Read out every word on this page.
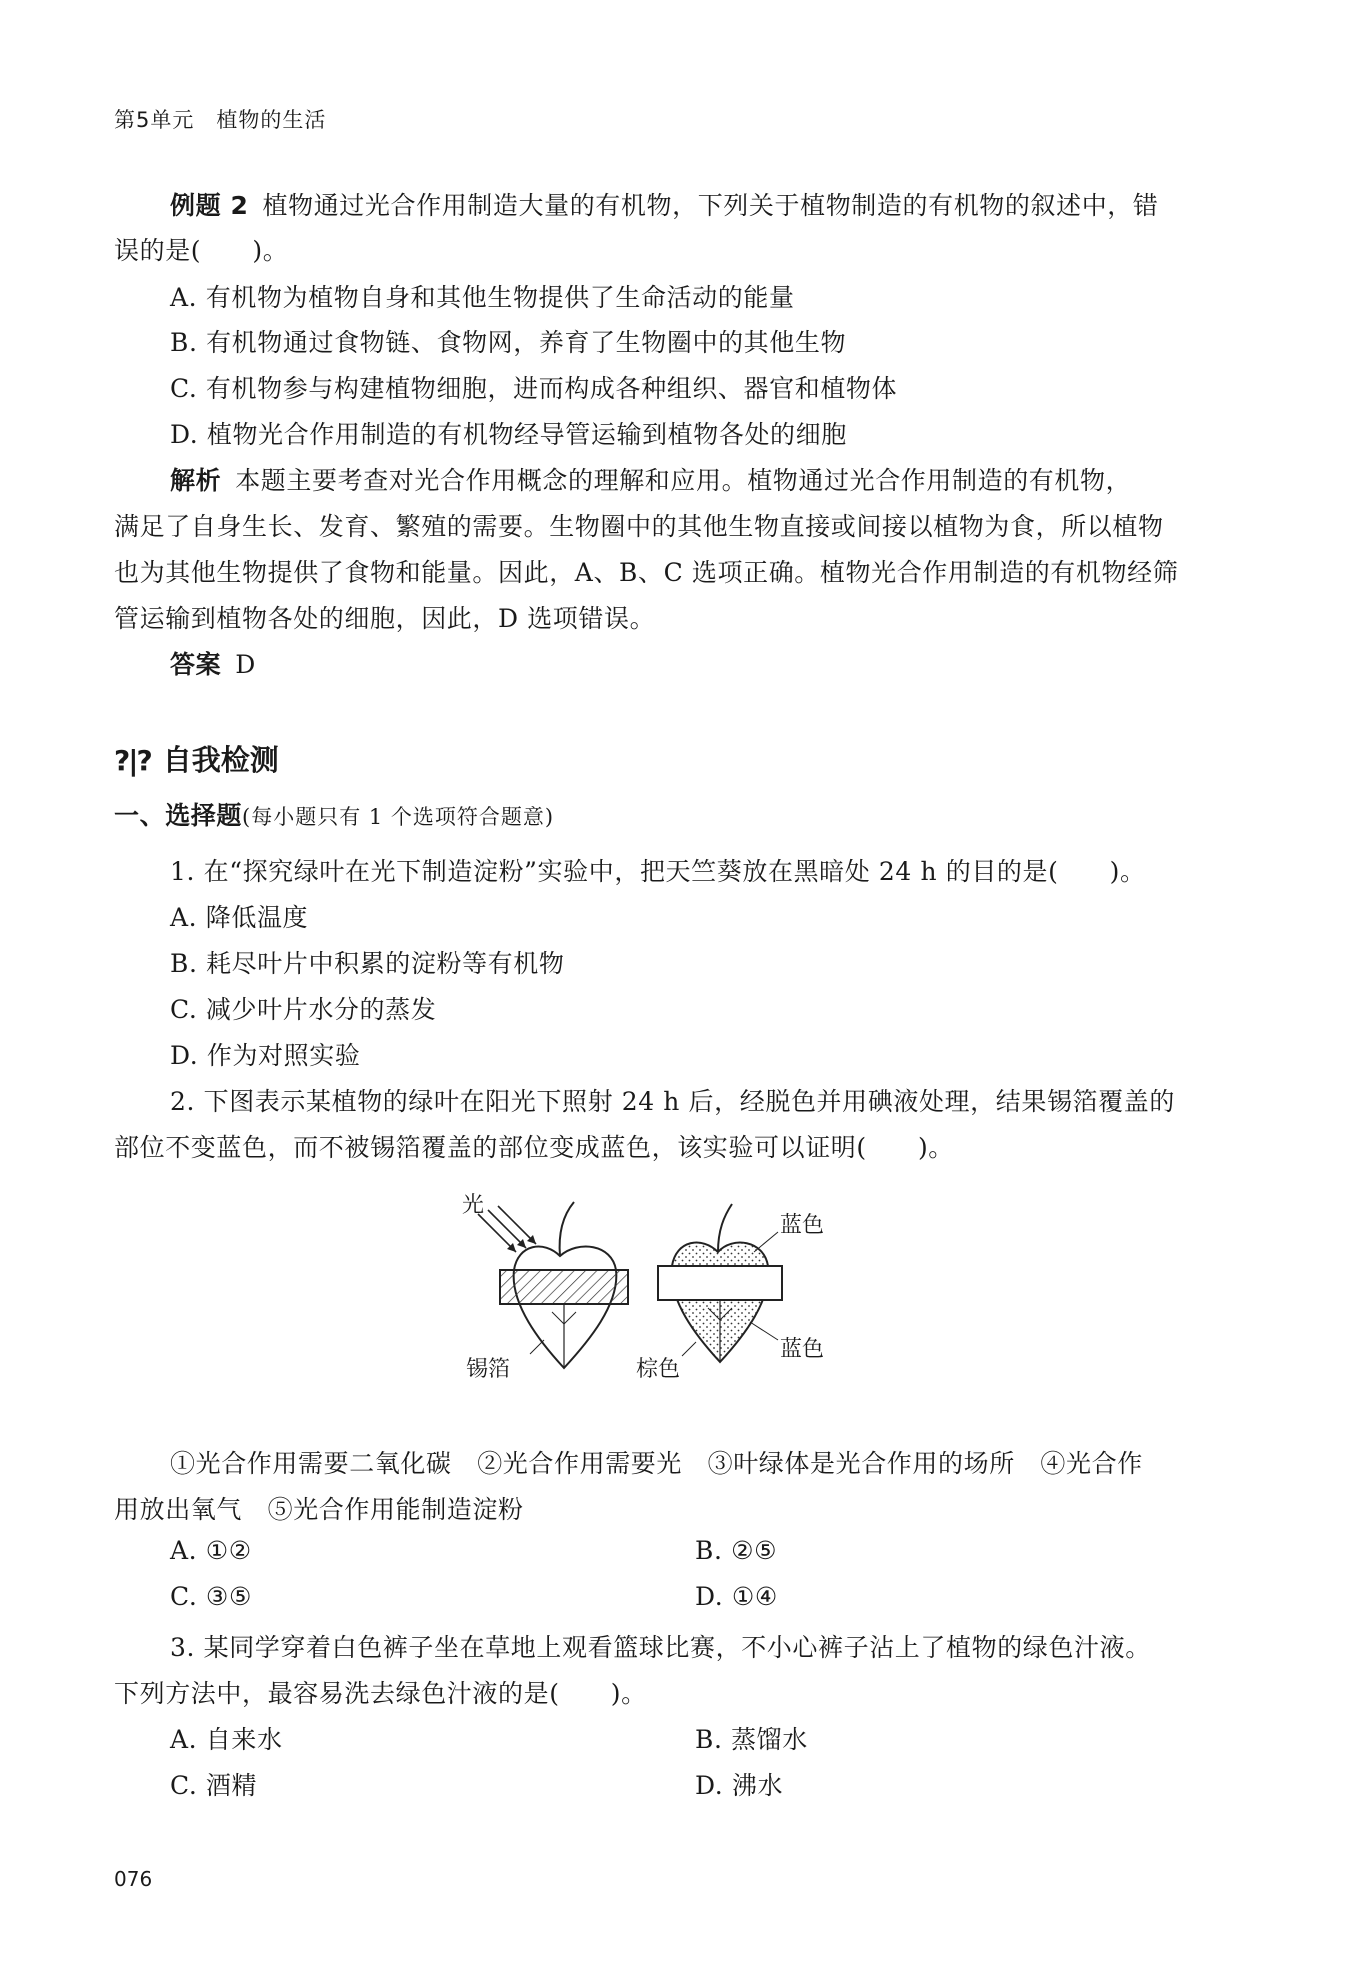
第5单元 植物的生活
例题 2 植物通过光合作用制造大量的有机物，下列关于植物制造的有机物的叙述中，错
误的是(　　)。
A. 有机物为植物自身和其他生物提供了生命活动的能量
B. 有机物通过食物链、食物网，养育了生物圈中的其他生物
C. 有机物参与构建植物细胞，进而构成各种组织、器官和植物体
D. 植物光合作用制造的有机物经导管运输到植物各处的细胞
解析 本题主要考查对光合作用概念的理解和应用。植物通过光合作用制造的有机物，
满足了自身生长、发育、繁殖的需要。生物圈中的其他生物直接或间接以植物为食，所以植物
也为其他生物提供了食物和能量。因此，A、B、C 选项正确。植物光合作用制造的有机物经筛
管运输到植物各处的细胞，因此，D 选项错误。
答案 D
?|? 自我检测
一、选择题(每小题只有 1 个选项符合题意)
1. 在“探究绿叶在光下制造淀粉”实验中，把天竺葵放在黑暗处 24 h 的目的是(　　)。
A. 降低温度
B. 耗尽叶片中积累的淀粉等有机物
C. 减少叶片水分的蒸发
D. 作为对照实验
2. 下图表示某植物的绿叶在阳光下照射 24 h 后，经脱色并用碘液处理，结果锡箔覆盖的
部位不变蓝色，而不被锡箔覆盖的部位变成蓝色，该实验可以证明(　　)。
光
锡箔
蓝色
棕色
蓝色
①光合作用需要二氧化碳　②光合作用需要光　③叶绿体是光合作用的场所　④光合作
用放出氧气　⑤光合作用能制造淀粉
A. ①②	B. ②⑤
C. ③⑤	D. ①④
3. 某同学穿着白色裤子坐在草地上观看篮球比赛，不小心裤子沾上了植物的绿色汁液。
下列方法中，最容易洗去绿色汁液的是(　　)。
A. 自来水	B. 蒸馏水
C. 酒精	D. 沸水
076
